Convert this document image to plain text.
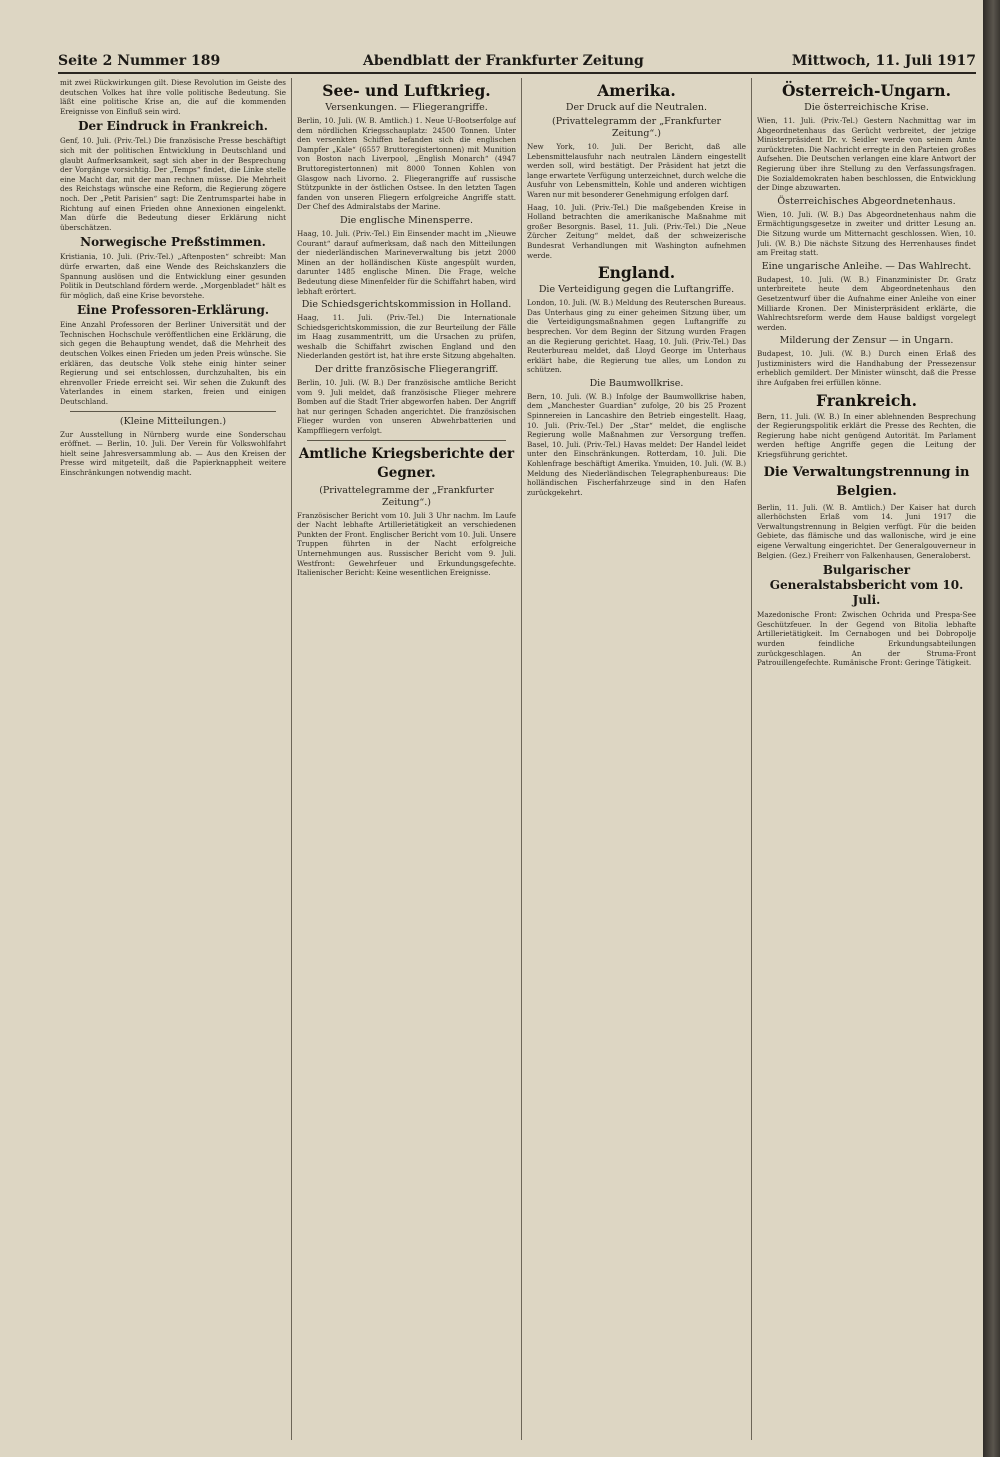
Seite 2 Nummer 189	Abendblatt der Frankfurter Zeitung	Mittwoch, 11. Juli 1917

mit zwei Rückwirkungen gilt. Diese Revolution im Geiste des deutschen Volkes hat ihre volle politische Bedeutung. Sie läßt eine politische Krise an, die auf die kommenden Ereignisse von Einfluß sein wird.

Der Eindruck in Frankreich.

Genf, 10. Juli. (Priv.-Tel.) Die französische Presse beschäftigt sich mit der politischen Entwicklung in Deutschland und glaubt Aufmerksamkeit, sagt sich aber in der Besprechung der Vorgänge vorsichtig. Der „Temps“ findet, die Linke stelle eine Macht dar, mit der man rechnen müsse. Die Mehrheit des Reichstags wünsche eine Reform, die Regierung zögere noch. Der „Petit Parisien“ sagt: Die Zentrumspartei habe in Richtung auf einen Frieden ohne Annexionen eingelenkt. Man dürfe die Bedeutung dieser Erklärung nicht überschätzen.

Norwegische Preßstimmen.

Kristiania, 10. Juli. (Priv.-Tel.) „Aftenposten“ schreibt: Man dürfe erwarten, daß eine Wende des Reichskanzlers die Spannung auslösen und die Entwicklung einer gesunden Politik in Deutschland fördern werde. „Morgenbladet“ hält es für möglich, daß eine Krise bevorstehe.

Eine Professoren-Erklärung.

Eine Anzahl Professoren der Berliner Universität und der Technischen Hochschule veröffentlichen eine Erklärung, die sich gegen die Behauptung wendet, daß die Mehrheit des deutschen Volkes einen Frieden um jeden Preis wünsche. Sie erklären, das deutsche Volk stehe einig hinter seiner Regierung und sei entschlossen, durchzuhalten, bis ein ehrenvoller Friede erreicht sei. Wir sehen die Zukunft des Vaterlandes in einem starken, freien und einigen Deutschland.

(Kleine Mitteilungen.)

Zur Ausstellung in Nürnberg wurde eine Sonderschau eröffnet. — Berlin, 10. Juli. Der Verein für Volkswohlfahrt hielt seine Jahresversammlung ab. — Aus den Kreisen der Presse wird mitgeteilt, daß die Papierknappheit weitere Einschränkungen notwendig macht.

See- und Luftkrieg.
Versenkungen. — Fliegerangriffe.

Berlin, 10. Juli. (W. B. Amtlich.) 1. Neue U-Bootserfolge auf dem nördlichen Kriegsschauplatz: 24500 Tonnen. Unter den versenkten Schiffen befanden sich die englischen Dampfer „Kale“ (6557 Bruttoregistertonnen) mit Munition von Boston nach Liverpool, „English Monarch“ (4947 Bruttoregistertonnen) mit 8000 Tonnen Kohlen von Glasgow nach Livorno. 2. Fliegerangriffe auf russische Stützpunkte in der östlichen Ostsee. In den letzten Tagen fanden von unseren Fliegern erfolgreiche Angriffe statt. Der Chef des Admiralstabs der Marine.

Die englische Minensperre.

Haag, 10. Juli. (Priv.-Tel.) Ein Einsender macht im „Nieuwe Courant“ darauf aufmerksam, daß nach den Mitteilungen der niederländischen Marineverwaltung bis jetzt 2000 Minen an der holländischen Küste angespült wurden, darunter 1485 englische Minen. Die Frage, welche Bedeutung diese Minenfelder für die Schiffahrt haben, wird lebhaft erörtert.

Die Schiedsgerichtskommission in Holland.

Haag, 11. Juli. (Priv.-Tel.) Die Internationale Schiedsgerichtskommission, die zur Beurteilung der Fälle im Haag zusammentritt, um die Ursachen zu prüfen, weshalb die Schiffahrt zwischen England und den Niederlanden gestört ist, hat ihre erste Sitzung abgehalten.

Der dritte französische Fliegerangriff.

Berlin, 10. Juli. (W. B.) Der französische amtliche Bericht vom 9. Juli meldet, daß französische Flieger mehrere Bomben auf die Stadt Trier abgeworfen haben. Der Angriff hat nur geringen Schaden angerichtet. Die französischen Flieger wurden von unseren Abwehrbatterien und Kampffliegern verfolgt.

Amtliche Kriegsberichte der Gegner.
(Privattelegramme der „Frankfurter Zeitung“.)

Französischer Bericht vom 10. Juli 3 Uhr nachm. Im Laufe der Nacht lebhafte Artillerietätigkeit an verschiedenen Punkten der Front. Englischer Bericht vom 10. Juli. Unsere Truppen führten in der Nacht erfolgreiche Unternehmungen aus. Russischer Bericht vom 9. Juli. Westfront: Gewehrfeuer und Erkundungsgefechte. Italienischer Bericht: Keine wesentlichen Ereignisse.

Amerika.
Der Druck auf die Neutralen.
(Privattelegramm der „Frankfurter Zeitung“.)

New York, 10. Juli. Der Bericht, daß alle Lebensmittelausfuhr nach neutralen Ländern eingestellt werden soll, wird bestätigt. Der Präsident hat jetzt die lange erwartete Verfügung unterzeichnet, durch welche die Ausfuhr von Lebensmitteln, Kohle und anderen wichtigen Waren nur mit besonderer Genehmigung erfolgen darf.

Haag, 10. Juli. (Priv.-Tel.) Die maßgebenden Kreise in Holland betrachten die amerikanische Maßnahme mit großer Besorgnis. Basel, 11. Juli. (Priv.-Tel.) Die „Neue Zürcher Zeitung“ meldet, daß der schweizerische Bundesrat Verhandlungen mit Washington aufnehmen werde.

England.
Die Verteidigung gegen die Luftangriffe.

London, 10. Juli. (W. B.) Meldung des Reuterschen Bureaus. Das Unterhaus ging zu einer geheimen Sitzung über, um die Verteidigungsmaßnahmen gegen Luftangriffe zu besprechen. Vor dem Beginn der Sitzung wurden Fragen an die Regierung gerichtet. Haag, 10. Juli. (Priv.-Tel.) Das Reuterbureau meldet, daß Lloyd George im Unterhaus erklärt habe, die Regierung tue alles, um London zu schützen.

Die Baumwollkrise.

Bern, 10. Juli. (W. B.) Infolge der Baumwollkrise haben, dem „Manchester Guardian“ zufolge, 20 bis 25 Prozent Spinnereien in Lancashire den Betrieb eingestellt. Haag, 10. Juli. (Priv.-Tel.) Der „Star“ meldet, die englische Regierung wolle Maßnahmen zur Versorgung treffen. Basel, 10. Juli. (Priv.-Tel.) Havas meldet: Der Handel leidet unter den Einschränkungen. Rotterdam, 10. Juli. Die Kohlenfrage beschäftigt Amerika. Ymuiden, 10. Juli. (W. B.) Meldung des Niederländischen Telegraphenbureaus: Die holländischen Fischerfahrzeuge sind in den Hafen zurückgekehrt.

Österreich-Ungarn.
Die österreichische Krise.

Wien, 11. Juli. (Priv.-Tel.) Gestern Nachmittag war im Abgeordnetenhaus das Gerücht verbreitet, der jetzige Ministerpräsident Dr. v. Seidler werde von seinem Amte zurücktreten. Die Nachricht erregte in den Parteien großes Aufsehen. Die Deutschen verlangen eine klare Antwort der Regierung über ihre Stellung zu den Verfassungsfragen. Die Sozialdemokraten haben beschlossen, die Entwicklung der Dinge abzuwarten.

Österreichisches Abgeordnetenhaus.

Wien, 10. Juli. (W. B.) Das Abgeordnetenhaus nahm die Ermächtigungsgesetze in zweiter und dritter Lesung an. Die Sitzung wurde um Mitternacht geschlossen. Wien, 10. Juli. (W. B.) Die nächste Sitzung des Herrenhauses findet am Freitag statt.

Eine ungarische Anleihe. — Das Wahlrecht.

Budapest, 10. Juli. (W. B.) Finanzminister Dr. Gratz unterbreitete heute dem Abgeordnetenhaus den Gesetzentwurf über die Aufnahme einer Anleihe von einer Milliarde Kronen. Der Ministerpräsident erklärte, die Wahlrechtsreform werde dem Hause baldigst vorgelegt werden.

Milderung der Zensur — in Ungarn.

Budapest, 10. Juli. (W. B.) Durch einen Erlaß des Justizministers wird die Handhabung der Pressezensur erheblich gemildert. Der Minister wünscht, daß die Presse ihre Aufgaben frei erfüllen könne.

Frankreich.

Bern, 11. Juli. (W. B.) In einer ablehnenden Besprechung der Regierungspolitik erklärt die Presse des Rechten, die Regierung habe nicht genügend Autorität. Im Parlament werden heftige Angriffe gegen die Leitung der Kriegsführung gerichtet.

Die Verwaltungstrennung in Belgien.

Berlin, 11. Juli. (W. B. Amtlich.) Der Kaiser hat durch allerhöchsten Erlaß vom 14. Juni 1917 die Verwaltungstrennung in Belgien verfügt. Für die beiden Gebiete, das flämische und das wallonische, wird je eine eigene Verwaltung eingerichtet. Der Generalgouverneur in Belgien. (Gez.) Freiherr von Falkenhausen, Generaloberst.

Bulgarischer Generalstabsbericht vom 10. Juli.

Mazedonische Front: Zwischen Ochrida und Prespa-See Geschützfeuer. In der Gegend von Bitolia lebhafte Artillerietätigkeit. Im Cernabogen und bei Dobropolje wurden feindliche Erkundungsabteilungen zurückgeschlagen. An der Struma-Front Patrouillengefechte. Rumänische Front: Geringe Tätigkeit.
